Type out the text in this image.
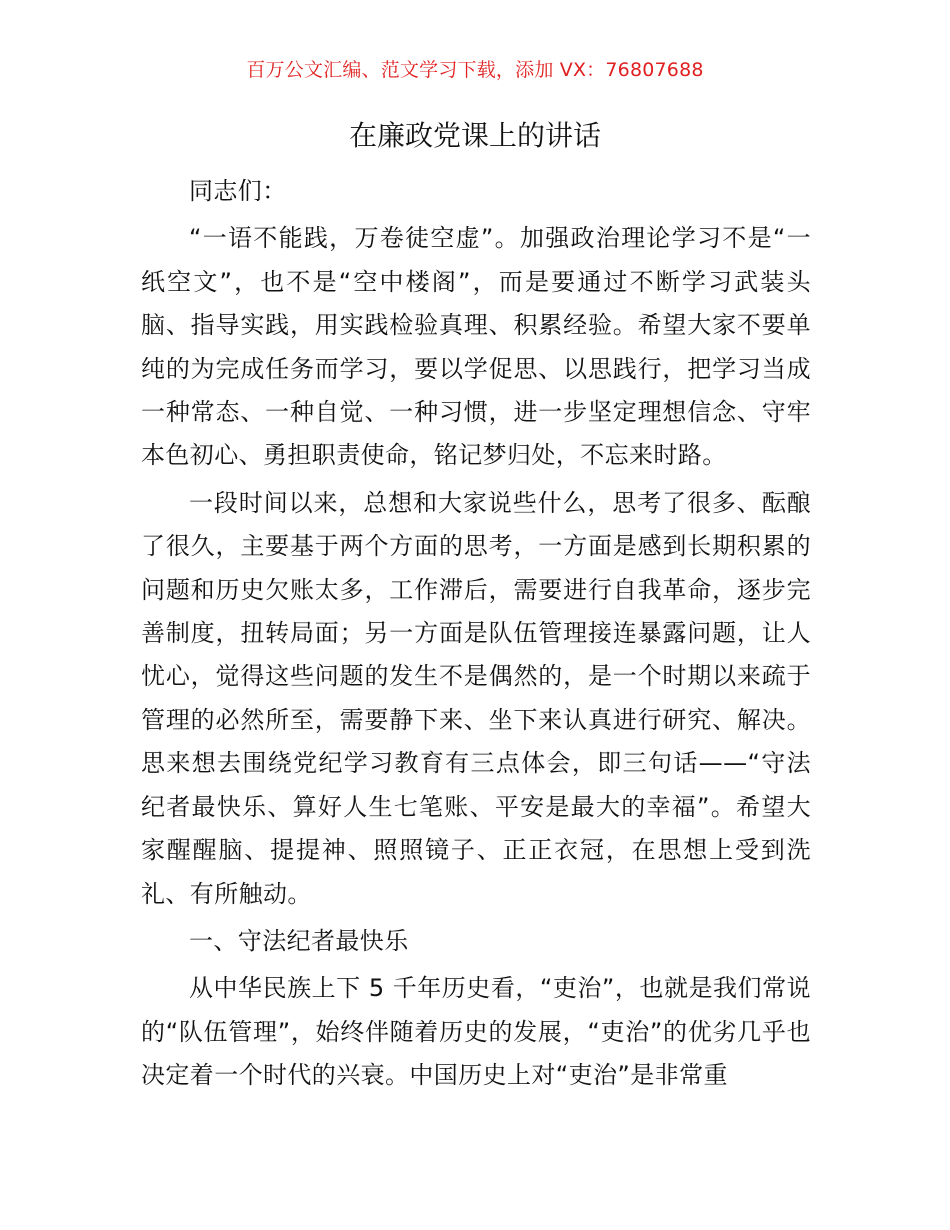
百万公文汇编、范文学习下载，添加 VX：76807688
在廉政党课上的讲话

同志们：

“一语不能践，万卷徒空虚”。加强政治理论学习不是“一纸空文”，也不是“空中楼阁”，而是要通过不断学习武装头脑、指导实践，用实践检验真理、积累经验。希望大家不要单纯的为完成任务而学习，要以学促思、以思践行，把学习当成一种常态、一种自觉、一种习惯，进一步坚定理想信念、守牢本色初心、勇担职责使命，铭记梦归处，不忘来时路。

一段时间以来，总想和大家说些什么，思考了很多、酝酿了很久，主要基于两个方面的思考，一方面是感到长期积累的问题和历史欠账太多，工作滞后，需要进行自我革命，逐步完善制度，扭转局面；另一方面是队伍管理接连暴露问题，让人忧心，觉得这些问题的发生不是偶然的，是一个时期以来疏于管理的必然所至，需要静下来、坐下来认真进行研究、解决。思来想去围绕党纪学习教育有三点体会，即三句话——“守法纪者最快乐、算好人生七笔账、平安是最大的幸福”。希望大家醒醒脑、提提神、照照镜子、正正衣冠，在思想上受到洗礼、有所触动。

一、守法纪者最快乐

从中华民族上下 5 千年历史看，“吏治”，也就是我们常说的“队伍管理”，始终伴随着历史的发展，“吏治”的优劣几乎也决定着一个时代的兴衰。中国历史上对“吏治”是非常重
